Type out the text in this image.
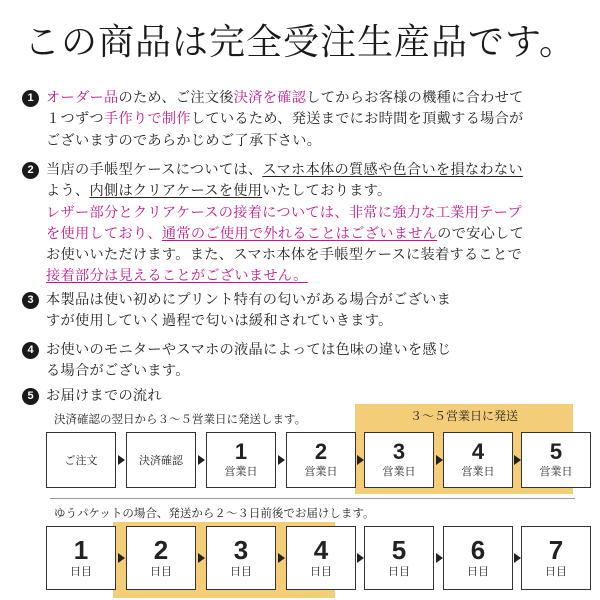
この商品は完全受注生産品です。
1 オーダー品のため、ご注文後決済を確認してからお客様の機種に合わせて
１つずつ手作りで制作しているため、発送までにお時間を頂戴する場合が
ございますのであらかじめご了承下さい。
2 当店の手帳型ケースについては、スマホ本体の質感や色合いを損なわない
よう、内側はクリアケースを使用いたしております。
レザー部分とクリアケースの接着については、非常に強力な工業用テープ
を使用しており、通常のご使用で外れることはございませんので安心して
お使いいただけます。また、スマホ本体を手帳型ケースに装着することで
接着部分は見えることがございません。
3 本製品は使い初めにプリント特有の匂いがある場合がございま
すが使用していく過程で匂いは緩和されていきます。
4 お使いのモニターやスマホの液晶によっては色味の違いを感じ
る場合がございます。
5 お届けまでの流れ
３～５営業日に発送
決済確認の翌日から３～５営業日に発送します。
ご注文	決済確認 1
営業日
2
営業日
3
営業日
4
営業日
5
営業日
ゆうパケットの場合、発送から２～３日前後でお届けします。
1
日目
2
日目
3
日目
4
日目
5
日目
6
日目
7
日目
